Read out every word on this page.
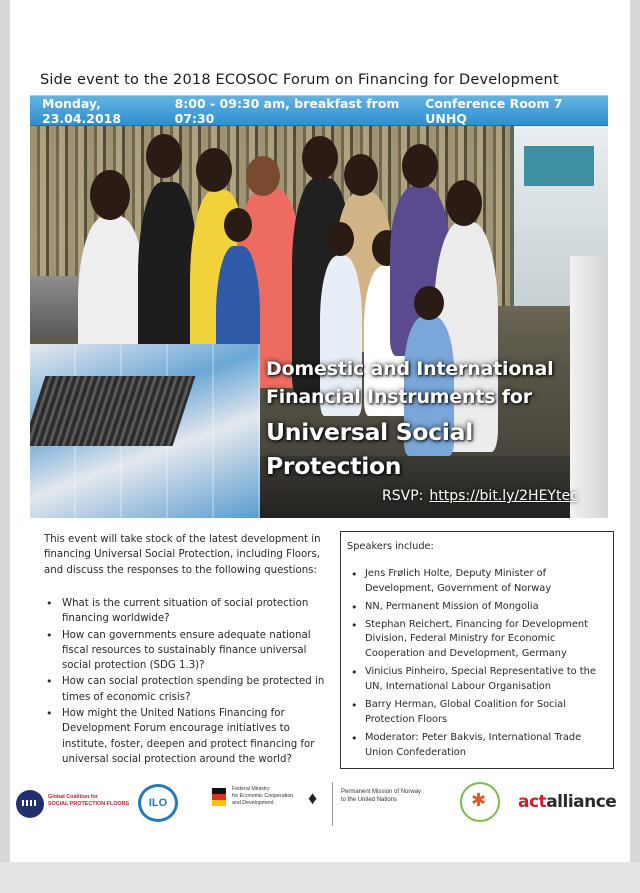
Side event to the 2018 ECOSOC Forum on Financing for Development
Monday, 23.04.2018
8:00 - 09:30 am, breakfast from 07:30
Conference Room 7 UNHQ
Domestic and International
Financial Instruments for
Universal Social Protection
RSVP: https://bit.ly/2HEYtec

This event will take stock of the latest development in financing Universal Social Protection, including Floors, and discuss the responses to the following questions:

• What is the current situation of social protection financing worldwide?
• How can governments ensure adequate national fiscal resources to sustainably finance universal social protection (SDG 1.3)?
• How can social protection spending be protected in times of economic crisis?
• How might the United Nations Financing for Development Forum encourage initiatives to institute, foster, deepen and protect financing for universal social protection around the world?
Speakers include:
• Jens Frølich Holte, Deputy Minister of Development, Government of Norway
• NN, Permanent Mission of Mongolia
• Stephan Reichert, Financing for Development Division, Federal Ministry for Economic Cooperation and Development, Germany
• Vinicius Pinheiro, Special Representative to the UN, International Labour Organisation
• Barry Herman, Global Coalition for Social Protection Floors
• Moderator: Peter Bakvis, International Trade Union Confederation
Global Coalition for
SOCIAL PROTECTION FLOORS	ILO
Federal Ministry
for Economic Cooperation
and Development	♦	Permanent Mission of Norway
to the United Nations
✱	actalliance
